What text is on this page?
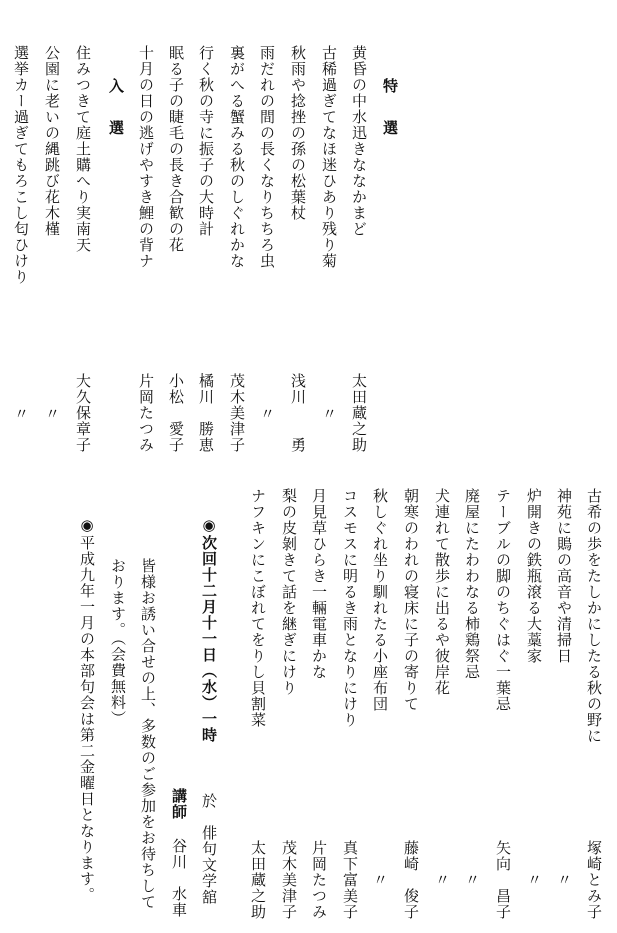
特　選
黄昏の中水迅きななかまど
古稀過ぎてなほ迷ひあり残り菊
秋雨や捻挫の孫の松葉杖
雨だれの間の長くなりちちろ虫
裏がへる蟹みる秋のしぐれかな
行く秋の寺に振子の大時計
眠る子の睫毛の長き合歓の花
十月の日の逃げやすき鯉の背ナ
入　選
住みつきて庭土購へり実南天
公園に老いの縄跳び花木槿
選挙カー過ぎてもろこし匂ひけり
太田蔵之助
〃
浅川　　勇
〃
茂木美津子
橘川　勝恵
小松　愛子
片岡たつみ
大久保章子
〃
〃
古希の歩をたしかにしたる秋の野に
神苑に鵙の高音や清掃日
炉開きの鉄瓶滾る大藁家
テーブルの脚のちぐはぐ一葉忌
廃屋にたわわなる柿鶏祭忌
犬連れて散歩に出るや彼岸花
朝寒のわれの寝床に子の寄りて
秋しぐれ坐り馴れたる小座布団
コスモスに明るき雨となりにけり
月見草ひらき一輛電車かな
梨の皮剝きて話を継ぎにけり
ナフキンにこぼれてをりし貝割菜
塚崎とみ子
〃
〃
矢向　昌子
〃
〃
藤崎　俊子
〃
真下富美子
片岡たつみ
茂木美津子
太田蔵之助
◉次回十二月十一日（水）一時
於　俳句文学舘
講師
谷川　水車
皆様お誘い合せの上、多数のご参加をお待ちして
おります。（会費無料）
◉平成九年一月の本部句会は第二金曜日となります。
